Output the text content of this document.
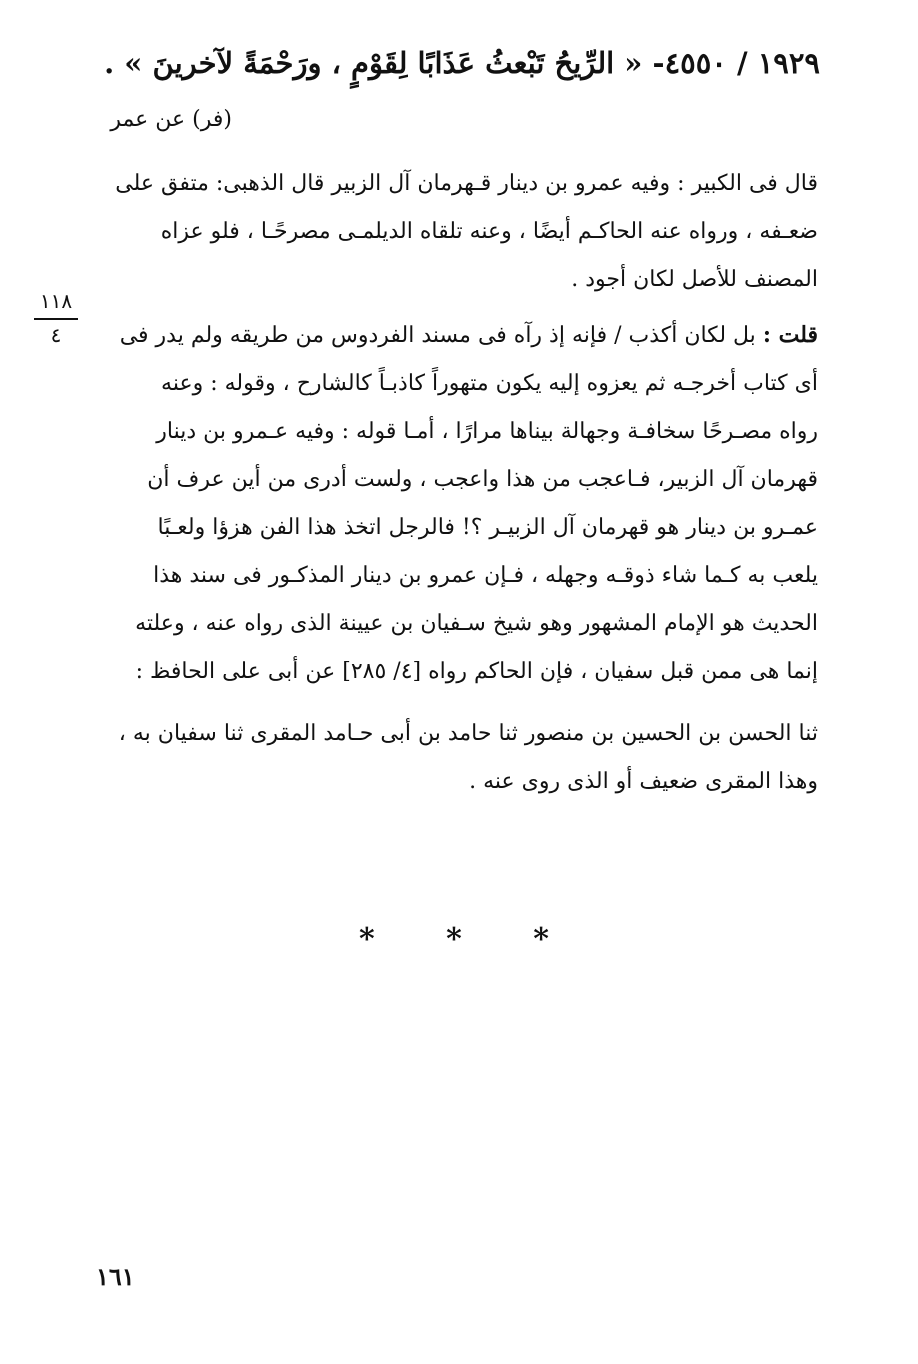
١٩٢٩ / ٤٥٥٠- « الرِّيحُ تَبْعثُ عَذَابًا لِقَوْمٍ ، ورَحْمَةً لآخرينَ » .
(فر) عن عمر
قال فى الكبير : وفيه عمرو بن دينار قـهرمان آل الزبير قال الذهبى: متفق على
ضعـفه ، ورواه عنه الحاكـم أيضًا ، وعنه تلقاه الديلمـى مصرحًـا ، فلو عزاه
المصنف للأصل لكان أجود .
١١٨
٤	قلت : بل لكان أكذب / فإنه إذ رآه فى مسند الفردوس من طريقه ولم يدر فى
أى كتاب أخرجـه ثم يعزوه إليه يكون متهوراً كاذبـاً كالشارح ، وقوله : وعنه
رواه مصـرحًا سخافـة وجهالة بيناها مرارًا ، أمـا قوله : وفيه عـمرو بن دينار
قهرمان آل الزبير، فـاعجب من هذا واعجب ، ولست أدرى من أين عرف أن
عمـرو بن دينار هو قهرمان آل الزبيـر ؟! فالرجل اتخذ هذا الفن هزؤا ولعـبًا
يلعب به كـما شاء ذوقـه وجهله ، فـإن عمرو بن دينار المذكـور فى سند هذا
الحديث هو الإمام المشهور وهو شيخ سـفيان بن عيينة الذى رواه عنه ، وعلته
إنما هى ممن قبل سفيان ، فإن الحاكم رواه [٤/ ٢٨٥] عن أبى على الحافظ :
ثنا الحسن بن الحسين بن منصور ثنا حامد بن أبى حـامد المقرى ثنا سفيان به ،
وهذا المقرى ضعيف أو الذى روى عنه .
* * *
١٦١
